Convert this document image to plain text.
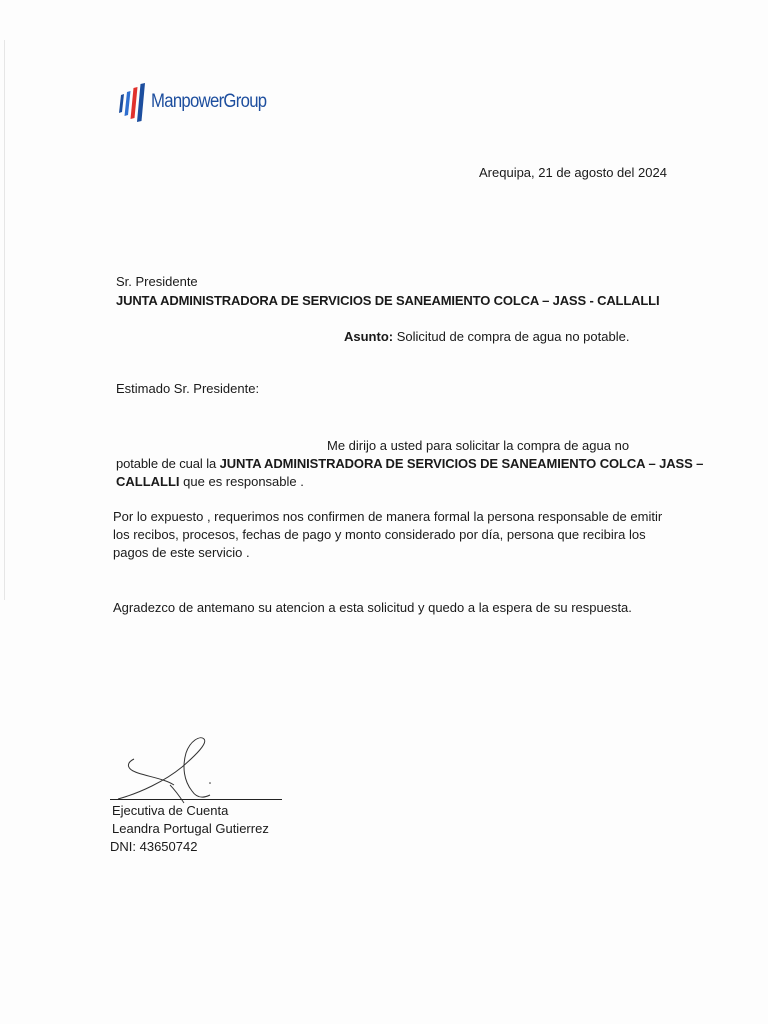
ManpowerGroup
Arequipa, 21 de agosto del 2024
Sr. Presidente
JUNTA ADMINISTRADORA DE SERVICIOS DE SANEAMIENTO COLCA – JASS - CALLALLI
Asunto: Solicitud de compra de agua no potable.
Estimado Sr. Presidente:
Me dirijo a usted para solicitar la compra de agua no
potable de cual la JUNTA ADMINISTRADORA DE SERVICIOS DE SANEAMIENTO COLCA – JASS –
CALLALLI que es responsable .
Por lo expuesto , requerimos nos confirmen de manera formal la persona responsable de emitir los recibos, procesos, fechas de pago y monto considerado por día, persona que recibira los pagos de este servicio .
Agradezco de antemano su atencion a esta solicitud y quedo a la espera de su respuesta.
Ejecutiva de Cuenta
Leandra Portugal Gutierrez
DNI: 43650742
